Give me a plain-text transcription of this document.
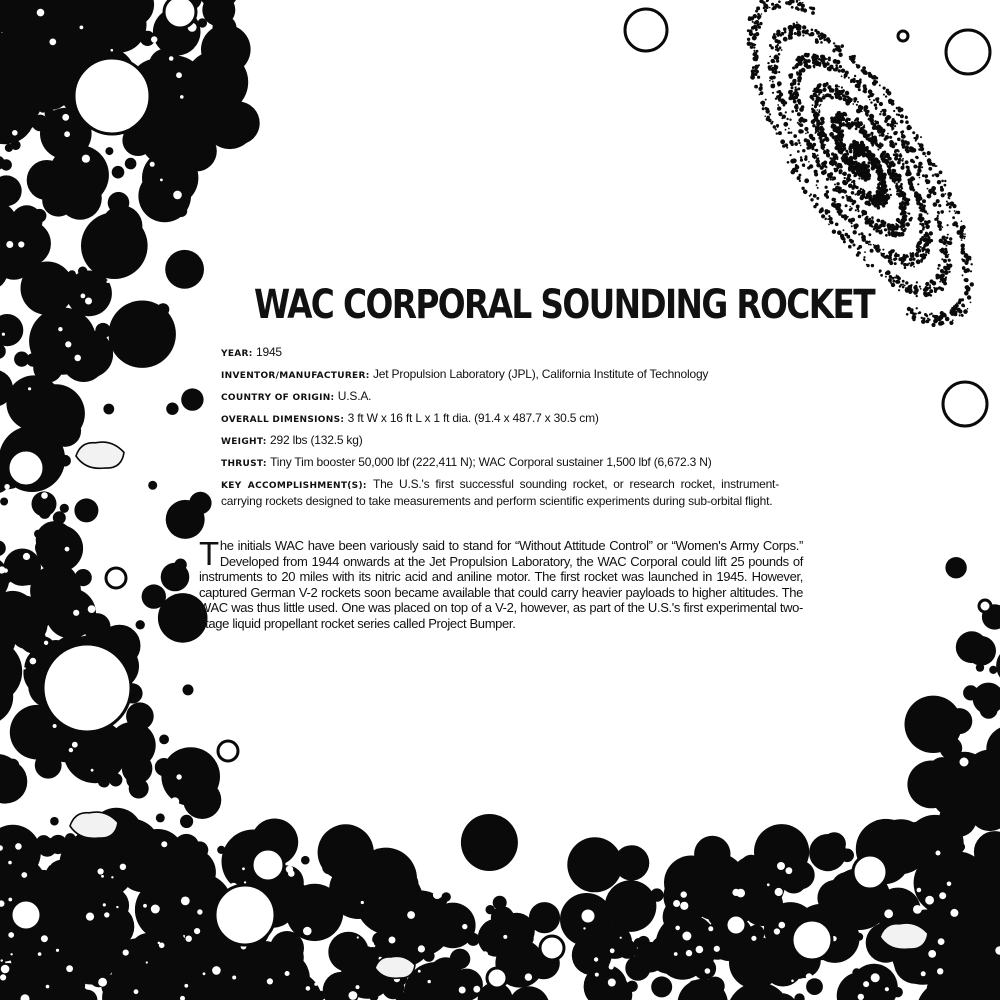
WAC CORPORAL SOUNDING ROCKET
YEAR: 1945
INVENTOR/MANUFACTURER: Jet Propulsion Laboratory (JPL), California Institute of Technology
COUNTRY OF ORIGIN: U.S.A.
OVERALL DIMENSIONS: 3 ft W x 16 ft L x 1 ft dia. (91.4 x 487.7 x 30.5 cm)
WEIGHT: 292 lbs (132.5 kg)
THRUST: Tiny Tim booster 50,000 lbf (222,411 N); WAC Corporal sustainer 1,500 lbf (6,672.3 N)
KEY ACCOMPLISHMENT(S): The U.S.'s first successful sounding rocket, or research rocket, instrument-carrying rockets designed to take measurements and perform scientific experiments during sub-orbital flight.
The initials WAC have been variously said to stand for “Without Attitude Control” or “Women's Army Corps.” Developed from 1944 onwards at the Jet Propulsion Laboratory, the WAC Corporal could lift 25 pounds of instruments to 20 miles with its nitric acid and aniline motor. The first rocket was launched in 1945. However, captured German V-2 rockets soon became available that could carry heavier payloads to higher altitudes. The WAC was thus little used. One was placed on top of a V-2, however, as part of the U.S.'s first experimental two-stage liquid propellant rocket series called Project Bumper.
